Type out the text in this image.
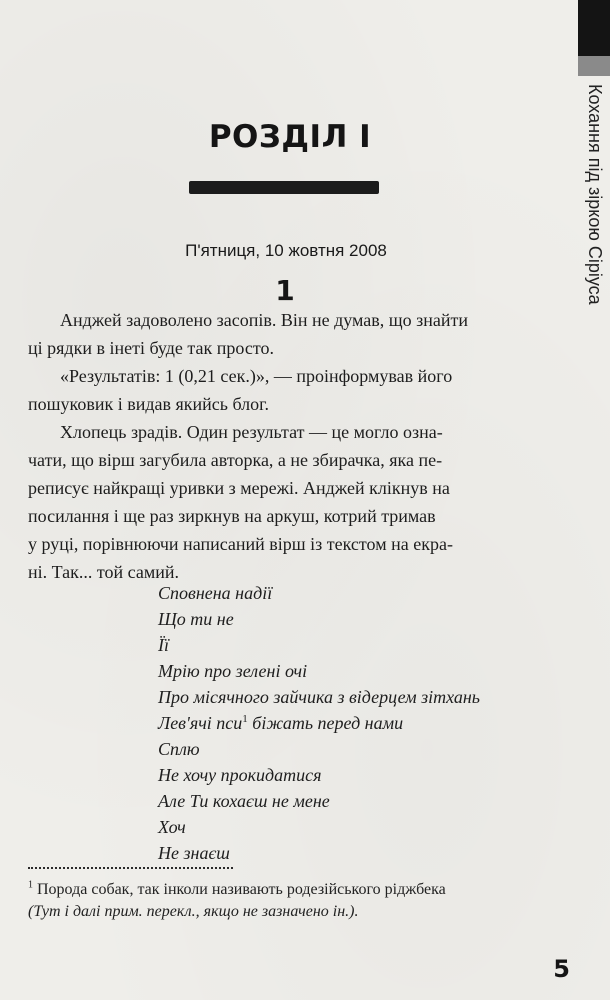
Кохання під зіркою Сіріуса
РОЗДІЛ I
П'ятниця, 10 жовтня 2008
1

Анджей задоволено засопів. Він не думав, що знайти
ці рядки в інеті буде так просто.

«Результатів: 1 (0,21 сек.)», — проінформував його
пошуковик і видав якийсь блог.

Хлопець зрадів. Один результат — це могло озна-
чати, що вірш загубила авторка, а не збирачка, яка пе-
реписує найкращі уривки з мережі. Анджей клікнув на
посилання і ще раз зиркнув на аркуш, котрий тримав
у руці, порівнюючи написаний вірш із текстом на екра-
ні. Так... той самий.

Сповнена надії
Що ти не
Її
Мрію про зелені очі
Про місячного зайчика з відерцем зітхань
Лев'ячі пси$^1$ біжать перед нами
Сплю
Не хочу прокидатися
Але Ти кохаєш не мене
Хоч
Не знаєш
$^1$ Порода собак, так інколи називають родезійського ріджбека
(Тут і далі прим. перекл., якщо не зазначено ін.).
5
